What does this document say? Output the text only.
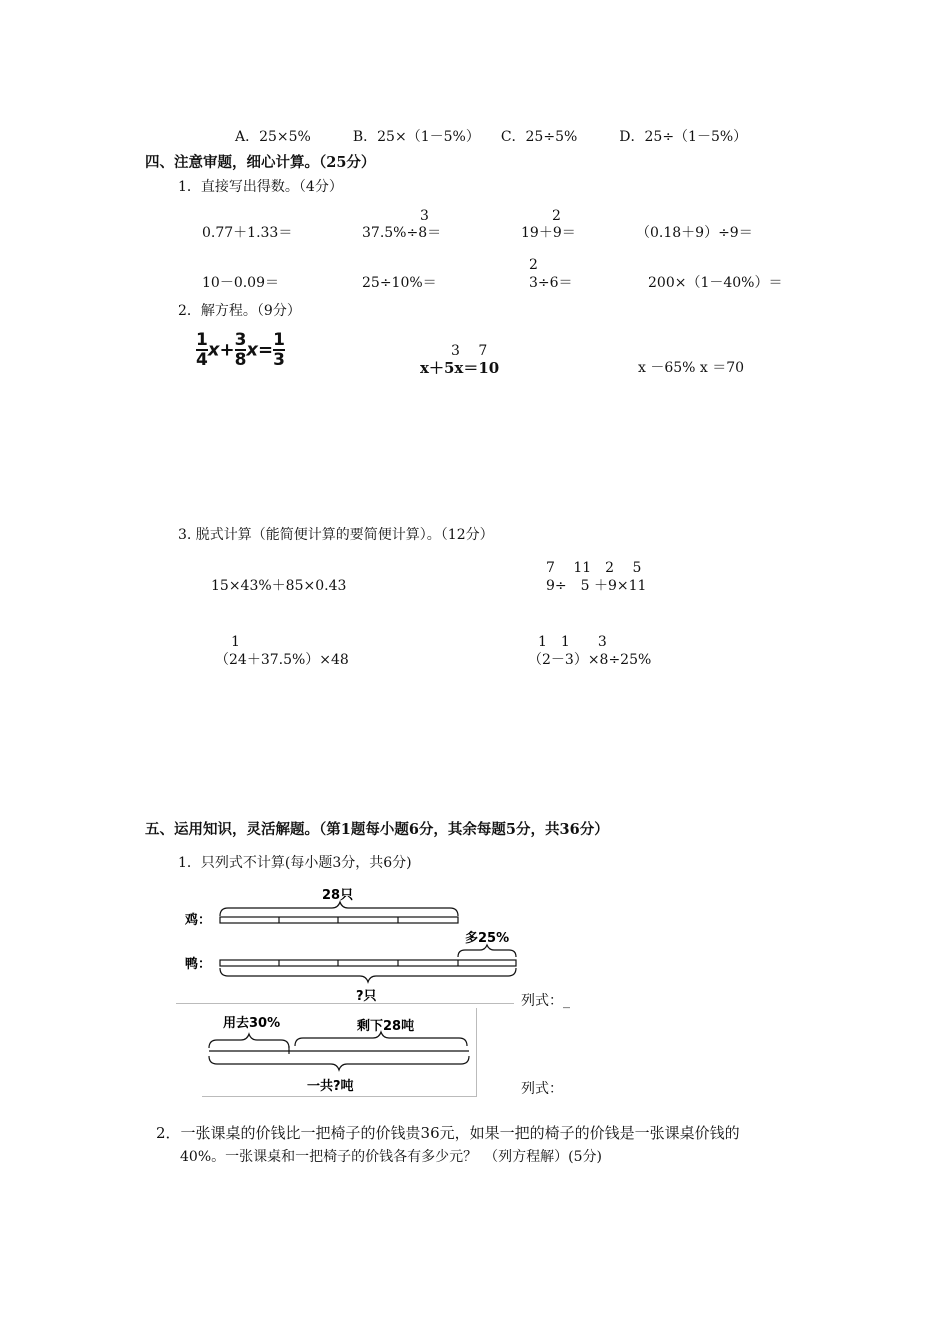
A．25×5%　　　B．25×（1－5%）　　C．25÷5%　　　D．25÷（1－5%）
四、注意审题，细心计算。（25分）
1．直接写出得数。（4分）
3	2
0.77＋1.33＝	37.5%÷8＝	19＋9＝	（0.18＋9）÷9＝
2
10－0.09＝	25÷10%＝	3÷6＝	200×（1－40%）＝
2．解方程。（9分）
$\frac{1}{4} x+ \frac{3}{8} x= \frac{1}{3}$	3　 7
x＋5x＝10	x －65% x ＝70
3. 脱式计算（能简便计算的要简便计算）。（12分）
7　 11　2　 5
15×43%＋85×0.43	9÷　5 ＋9×11
1	1　1　　3
（24＋37.5%）×48	（2－3）×8÷25%
五、运用知识，灵活解题。（第1题每小题6分，其余每题5分，共36分）
1．只列式不计算(每小题3分，共6分)
28只
鸡：
多25%
鸭：
?只	列式：_
用去30%	剩下28吨
一共?吨	列式：
2．一张课桌的价钱比一把椅子的价钱贵36元，如果一把的椅子的价钱是一张课桌价钱的
40%。一张课桌和一把椅子的价钱各有多少元？　（列方程解）(5分)
